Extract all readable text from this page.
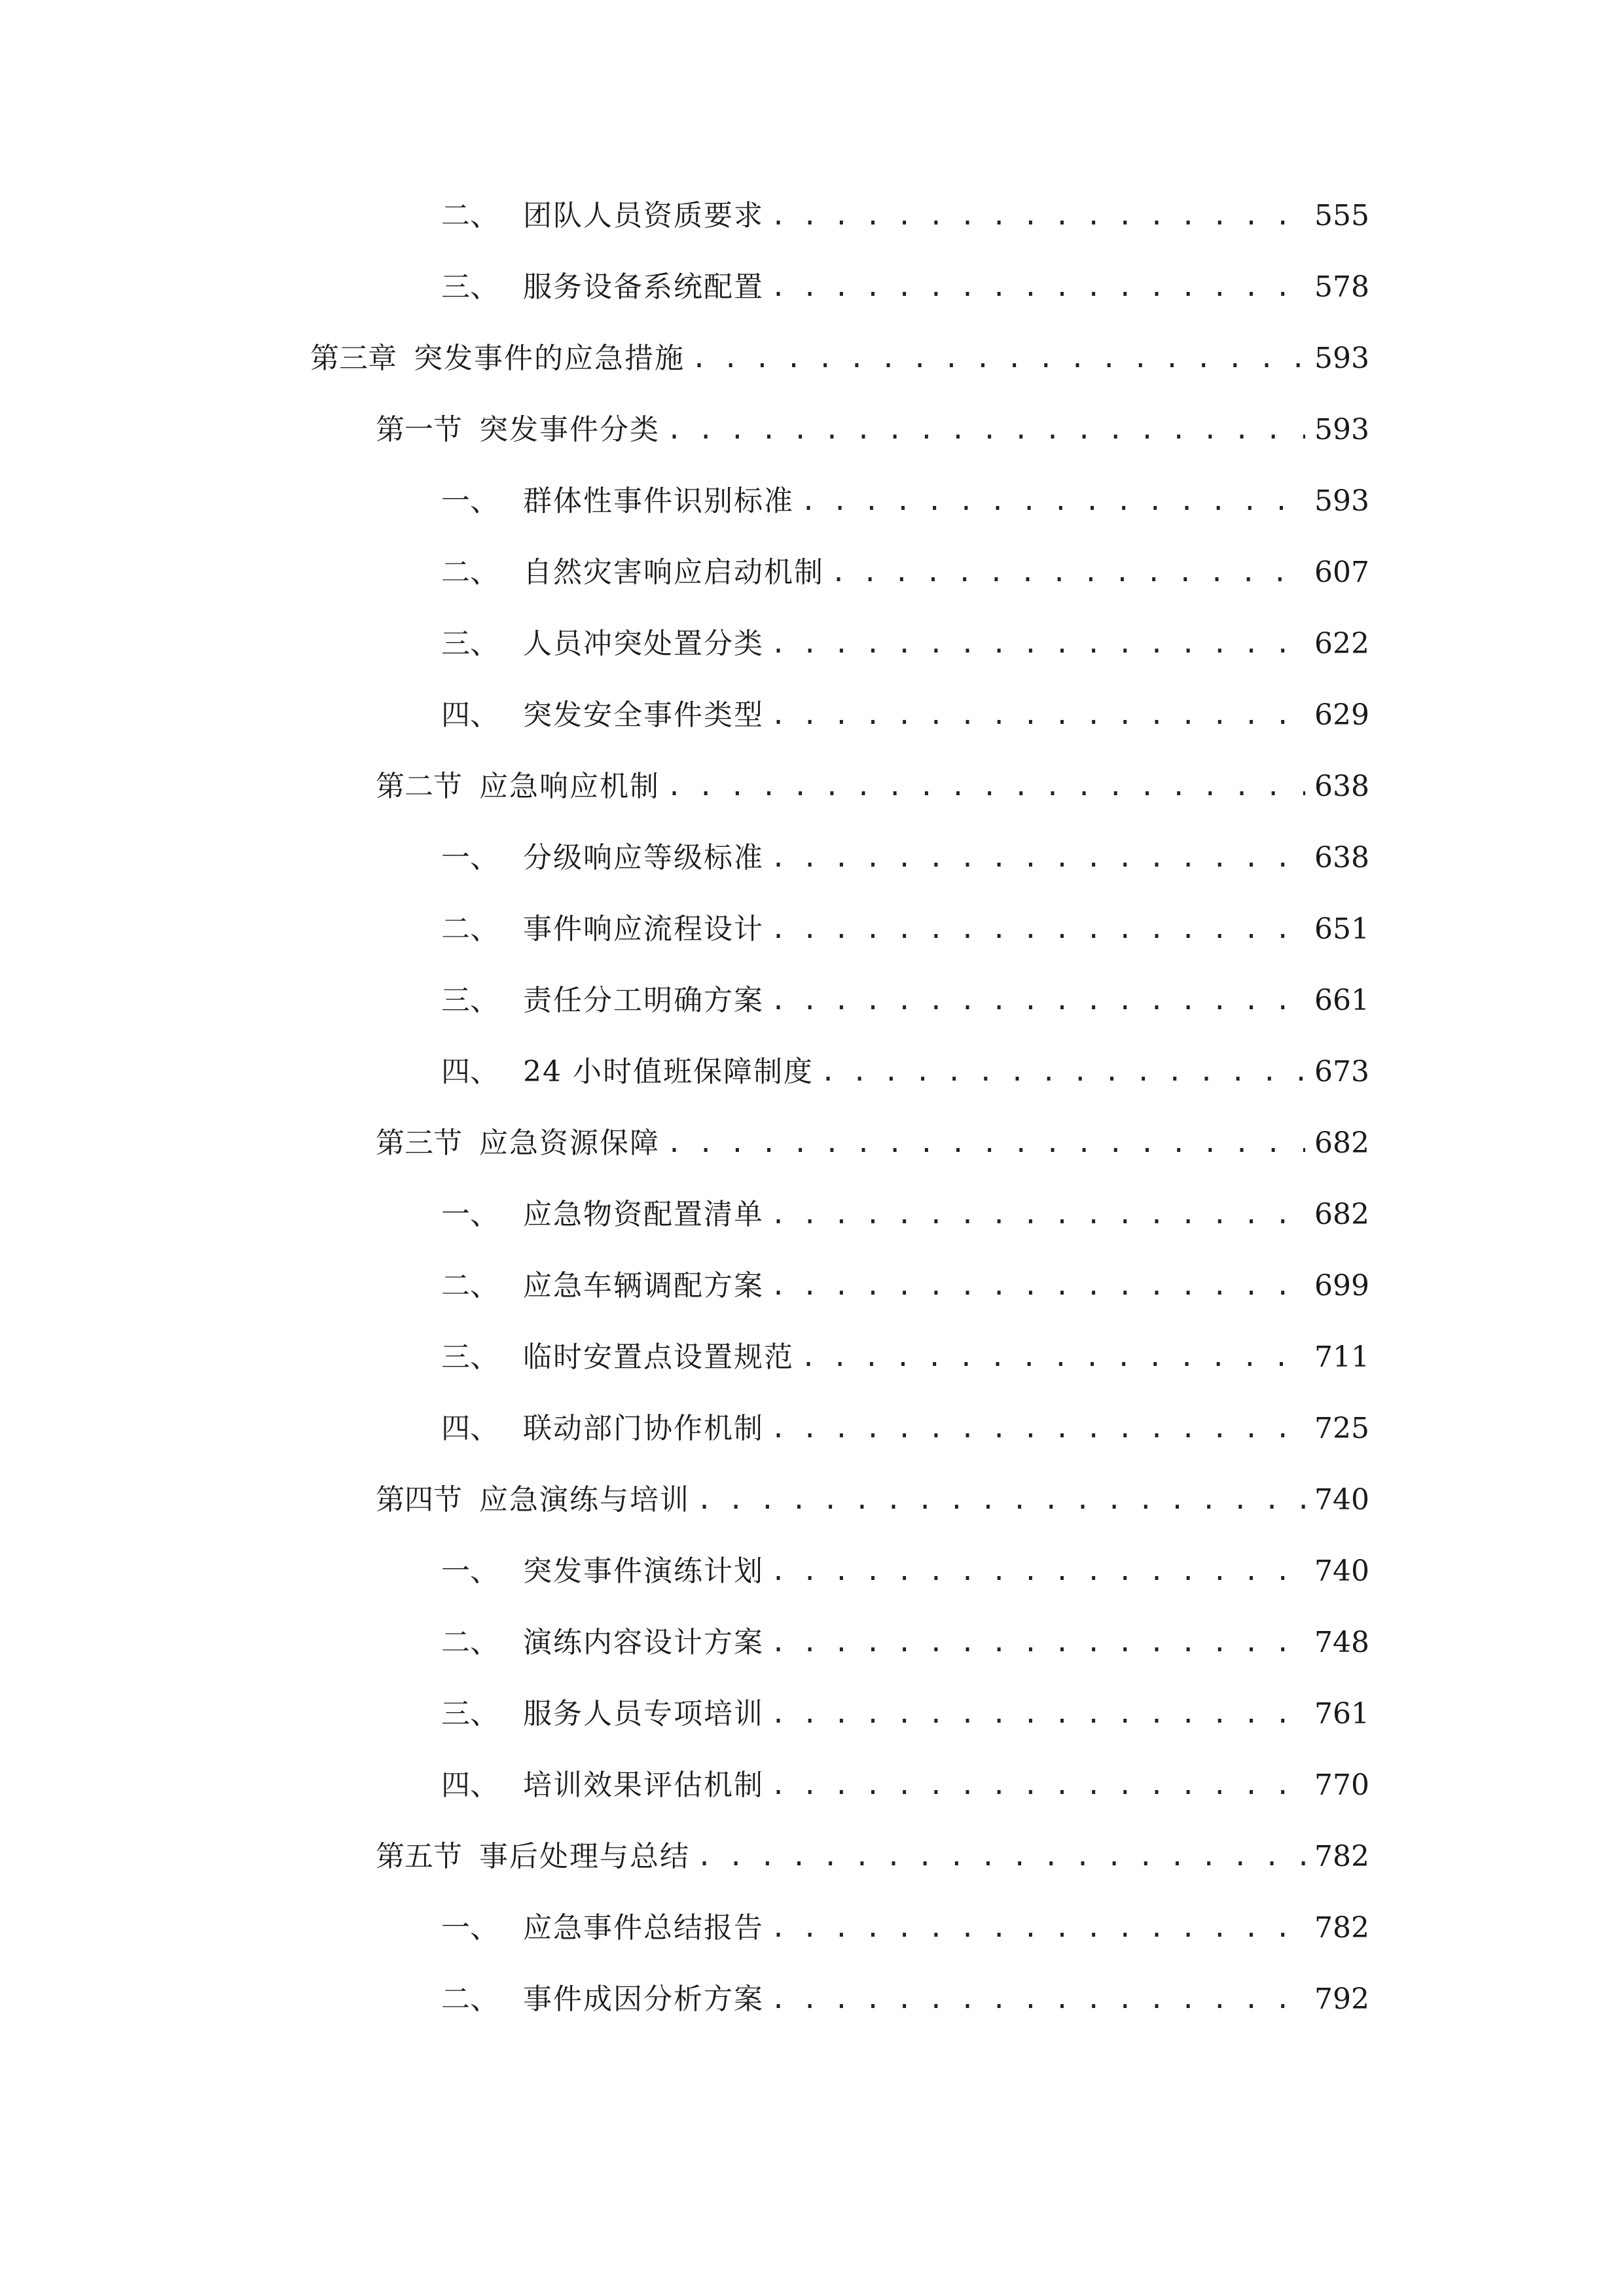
二、 团队人员资质要求 . . .	555
三、 服务设备系统配置 . . .	578
第三章 突发事件的应急措施 . . .	593
第一节 突发事件分类 . . .	593
一、 群体性事件识别标准 . . .	593
二、 自然灾害响应启动机制 . . .	607
三、 人员冲突处置分类 . . .	622
四、 突发安全事件类型 . . .	629
第二节 应急响应机制 . . .	638
一、 分级响应等级标准 . . .	638
二、 事件响应流程设计 . . .	651
三、 责任分工明确方案 . . .	661
四、 24 小时值班保障制度 . . .	673
第三节 应急资源保障 . . .	682
一、 应急物资配置清单 . . .	682
二、 应急车辆调配方案 . . .	699
三、 临时安置点设置规范 . . .	711
四、 联动部门协作机制 . . .	725
第四节 应急演练与培训 . . .	740
一、 突发事件演练计划 . . .	740
二、 演练内容设计方案 . . .	748
三、 服务人员专项培训 . . .	761
四、 培训效果评估机制 . . .	770
第五节 事后处理与总结 . . .	782
一、 应急事件总结报告 . . .	782
二、 事件成因分析方案 . . .	792
